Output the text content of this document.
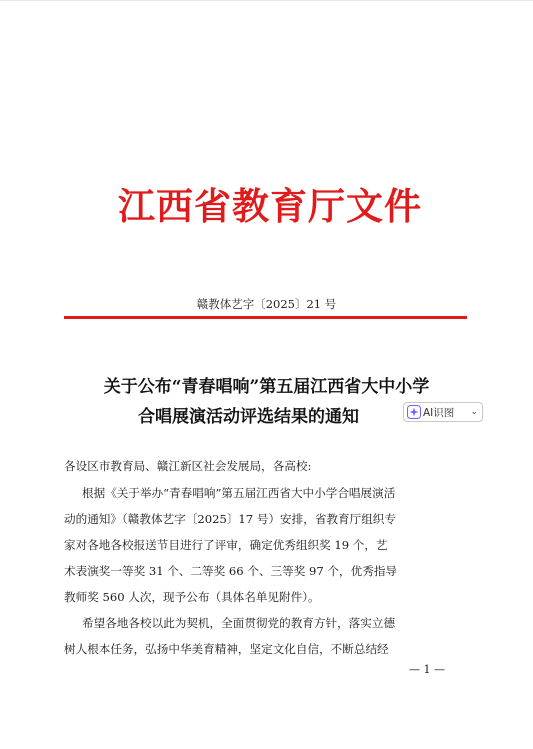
江西省教育厅文件
赣教体艺字〔2025〕21 号
关于公布“青春唱响”第五届江西省大中小学
合唱展演活动评选结果的通知	AI识图 ⌄
各设区市教育局、赣江新区社会发展局，各高校:
根据《关于举办“青春唱响”第五届江西省大中小学合唱展演活
动的通知》（赣教体艺字〔2025〕17 号）安排，省教育厅组织专
家对各地各校报送节目进行了评审，确定优秀组织奖 19 个，艺
术表演奖一等奖 31 个、二等奖 66 个、三等奖 97 个，优秀指导
教师奖 560 人次，现予公布（具体名单见附件）。
希望各地各校以此为契机，全面贯彻党的教育方针，落实立德
树人根本任务，弘扬中华美育精神，坚定文化自信，不断总结经
— 1 —
